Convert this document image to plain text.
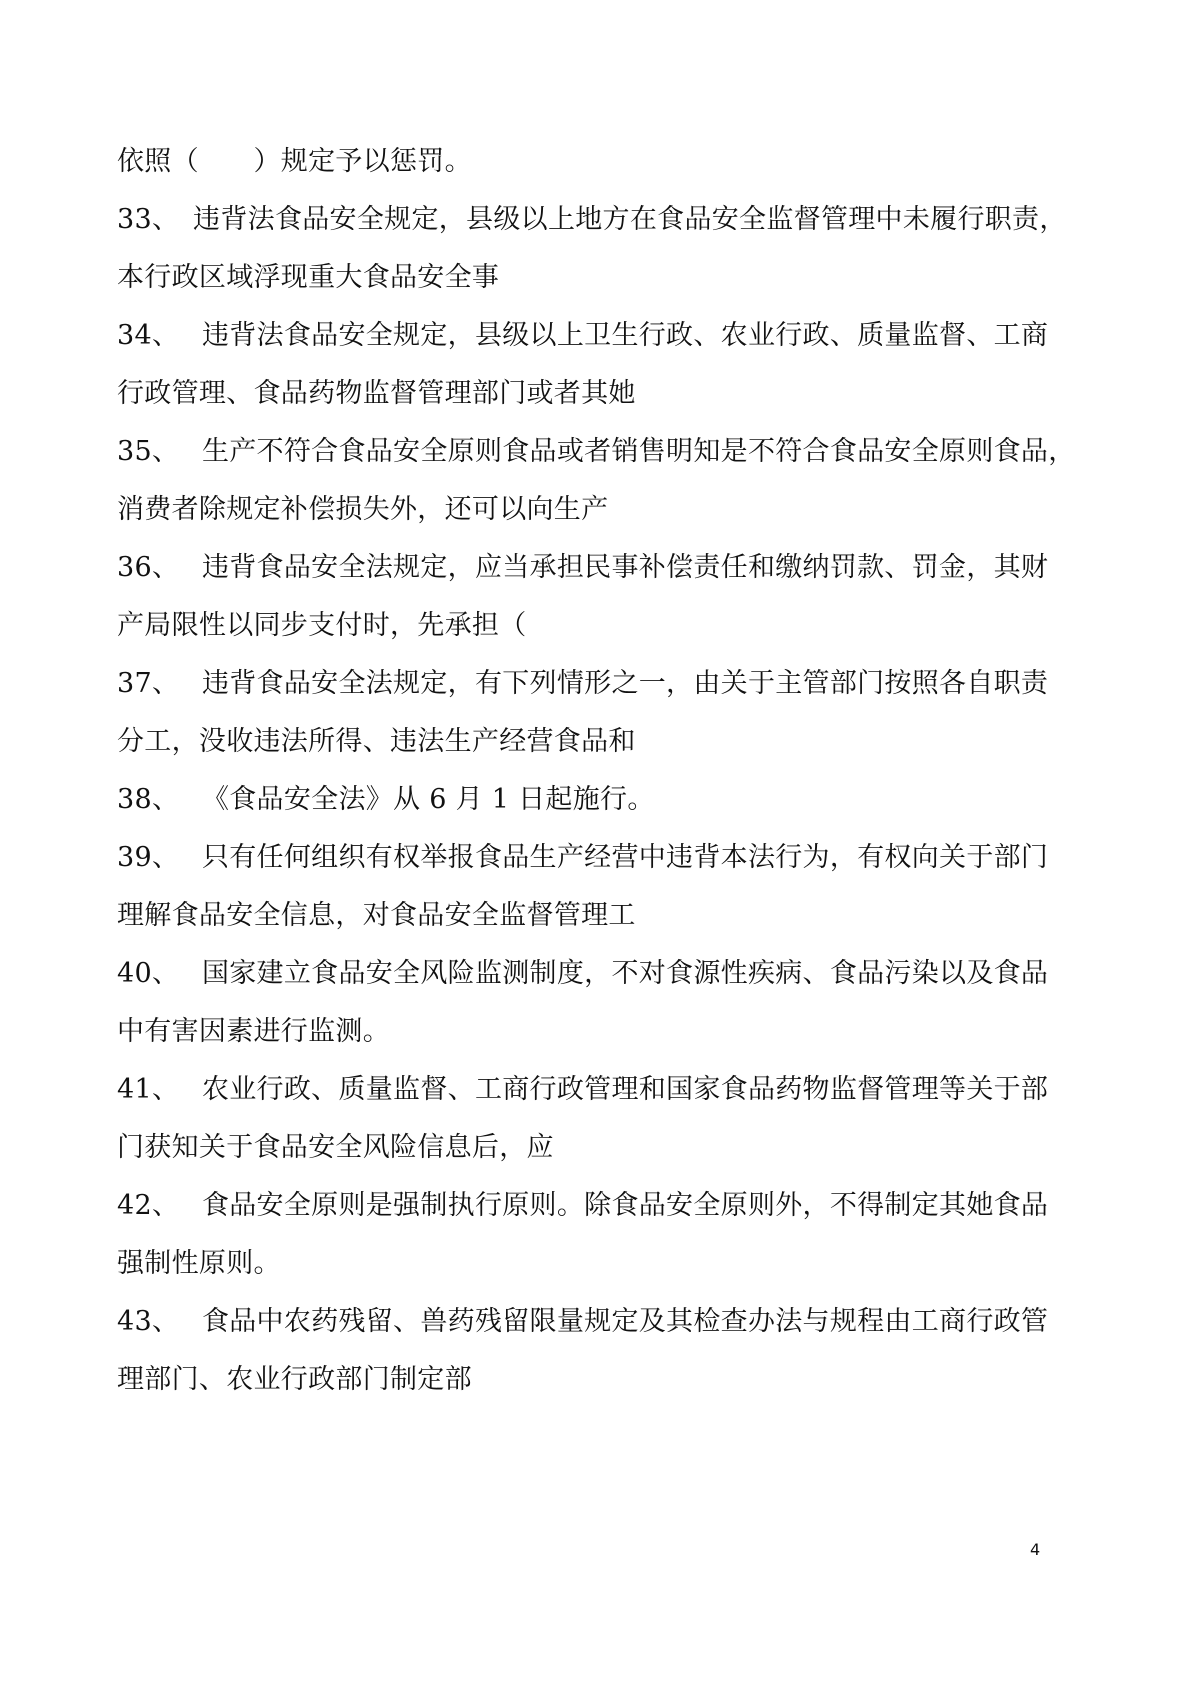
依照（　　）规定予以惩罚。
33、　违背法食品安全规定，县级以上地方在食品安全监督管理中未履行职责，
本行政区域浮现重大食品安全事
34、　 违背法食品安全规定，县级以上卫生行政、农业行政、质量监督、工商
行政管理、食品药物监督管理部门或者其她
35、　 生产不符合食品安全原则食品或者销售明知是不符合食品安全原则食品，
消费者除规定补偿损失外，还可以向生产
36、　 违背食品安全法规定，应当承担民事补偿责任和缴纳罚款、罚金，其财
产局限性以同步支付时，先承担（
37、　 违背食品安全法规定，有下列情形之一，由关于主管部门按照各自职责
分工，没收违法所得、违法生产经营食品和
38、　 《食品安全法》从 6 月 1 日起施行。
39、　 只有任何组织有权举报食品生产经营中违背本法行为，有权向关于部门
理解食品安全信息，对食品安全监督管理工
40、　 国家建立食品安全风险监测制度，不对食源性疾病、食品污染以及食品
中有害因素进行监测。
41、　 农业行政、质量监督、工商行政管理和国家食品药物监督管理等关于部
门获知关于食品安全风险信息后，应
42、　 食品安全原则是强制执行原则。除食品安全原则外，不得制定其她食品
强制性原则。
43、　 食品中农药残留、兽药残留限量规定及其检查办法与规程由工商行政管
理部门、农业行政部门制定部
4
